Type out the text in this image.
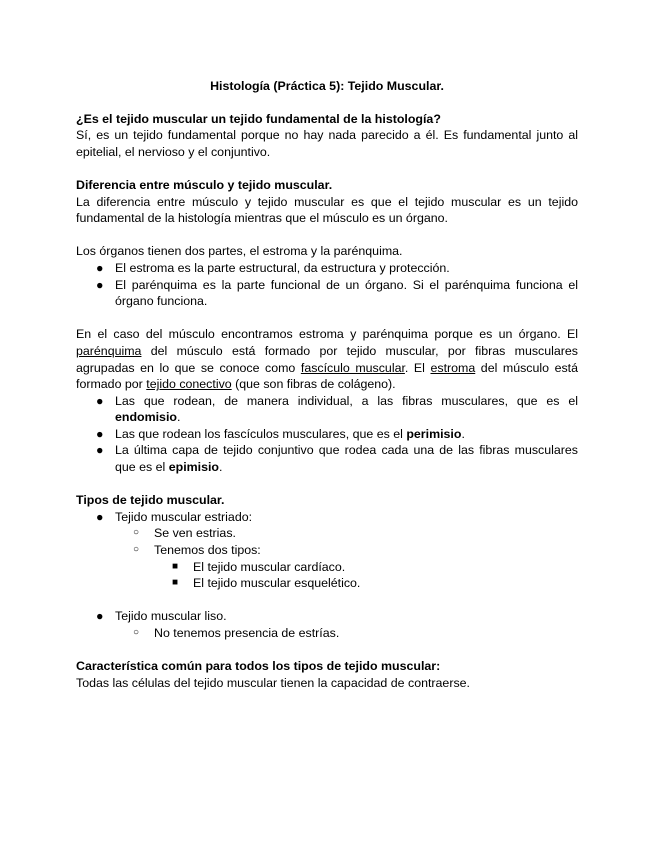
Histología (Práctica 5): Tejido Muscular.

¿Es el tejido muscular un tejido fundamental de la histología?

Sí, es un tejido fundamental porque no hay nada parecido a él. Es fundamental junto al epitelial, el nervioso y el conjuntivo.

Diferencia entre músculo y tejido muscular.

La diferencia entre músculo y tejido muscular es que el tejido muscular es un tejido fundamental de la histología mientras que el músculo es un órgano.

Los órganos tienen dos partes, el estroma y la parénquima.

● El estroma es la parte estructural, da estructura y protección.
● El parénquima es la parte funcional de un órgano. Si el parénquima funciona el órgano funciona.

En el caso del músculo encontramos estroma y parénquima porque es un órgano. El parénquima del músculo está formado por tejido muscular, por fibras musculares agrupadas en lo que se conoce como fascículo muscular. El estroma del músculo está formado por tejido conectivo (que son fibras de colágeno).

● Las que rodean, de manera individual, a las fibras musculares, que es el endomisio.
● Las que rodean los fascículos musculares, que es el perimisio.
● La última capa de tejido conjuntivo que rodea cada una de las fibras musculares que es el epimisio.

Tipos de tejido muscular.

● Tejido muscular estriado:
○ Se ven estrias.
○ Tenemos dos tipos:
■ El tejido muscular cardíaco.
■ El tejido muscular esquelético.
● Tejido muscular liso.
○ No tenemos presencia de estrías.

Característica común para todos los tipos de tejido muscular:

Todas las células del tejido muscular tienen la capacidad de contraerse.
